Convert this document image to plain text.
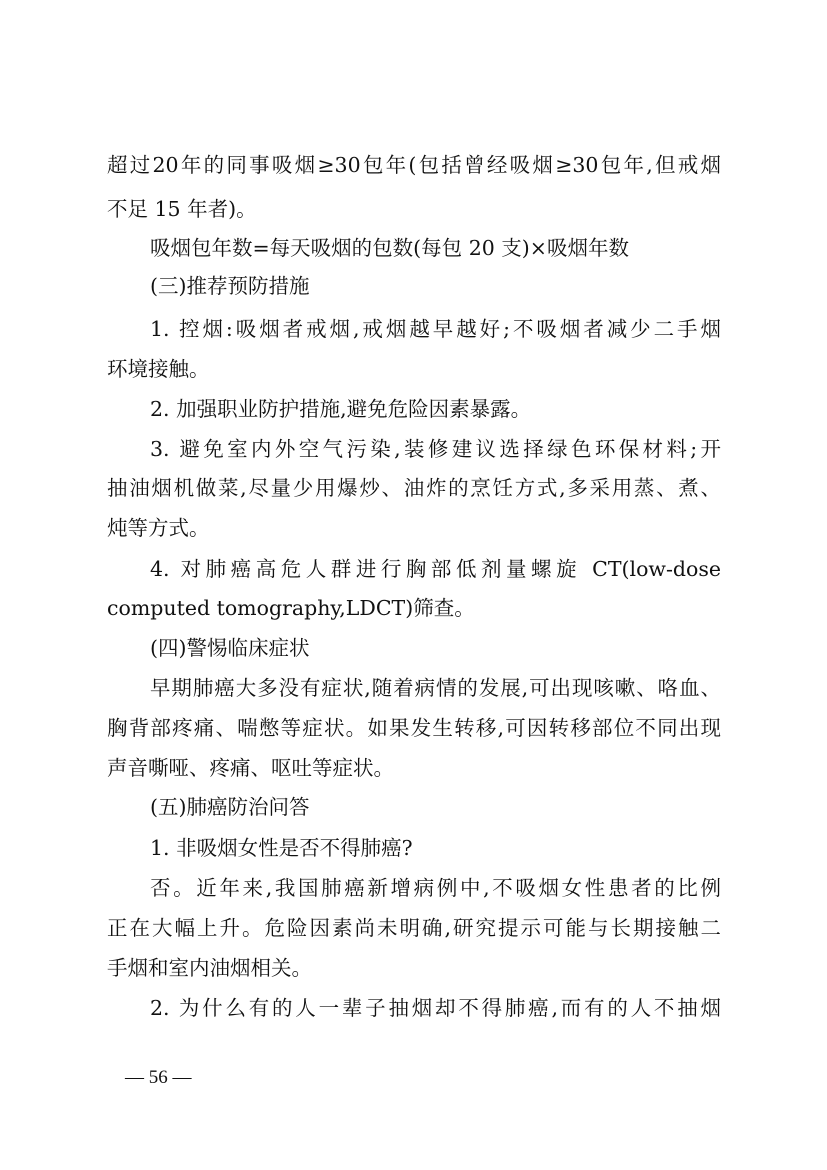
超过20年的同事吸烟≥30包年(包括曾经吸烟≥30包年,但戒烟

不足 15 年者)。

吸烟包年数=每天吸烟的包数(每包 20 支)×吸烟年数

(三)推荐预防措施

1. 控烟:吸烟者戒烟,戒烟越早越好;不吸烟者减少二手烟

环境接触。

2. 加强职业防护措施,避免危险因素暴露。

3. 避免室内外空气污染,装修建议选择绿色环保材料;开

抽油烟机做菜,尽量少用爆炒、油炸的烹饪方式,多采用蒸、煮、

炖等方式。

4. 对肺癌高危人群进行胸部低剂量螺旋 CT(low-dose

computed tomography,LDCT)筛查。

(四)警惕临床症状

早期肺癌大多没有症状,随着病情的发展,可出现咳嗽、咯血、

胸背部疼痛、喘憋等症状。如果发生转移,可因转移部位不同出现

声音嘶哑、疼痛、呕吐等症状。

(五)肺癌防治问答

1. 非吸烟女性是否不得肺癌?

否。近年来,我国肺癌新增病例中,不吸烟女性患者的比例

正在大幅上升。危险因素尚未明确,研究提示可能与长期接触二

手烟和室内油烟相关。

2. 为什么有的人一辈子抽烟却不得肺癌,而有的人不抽烟

— 56 —
